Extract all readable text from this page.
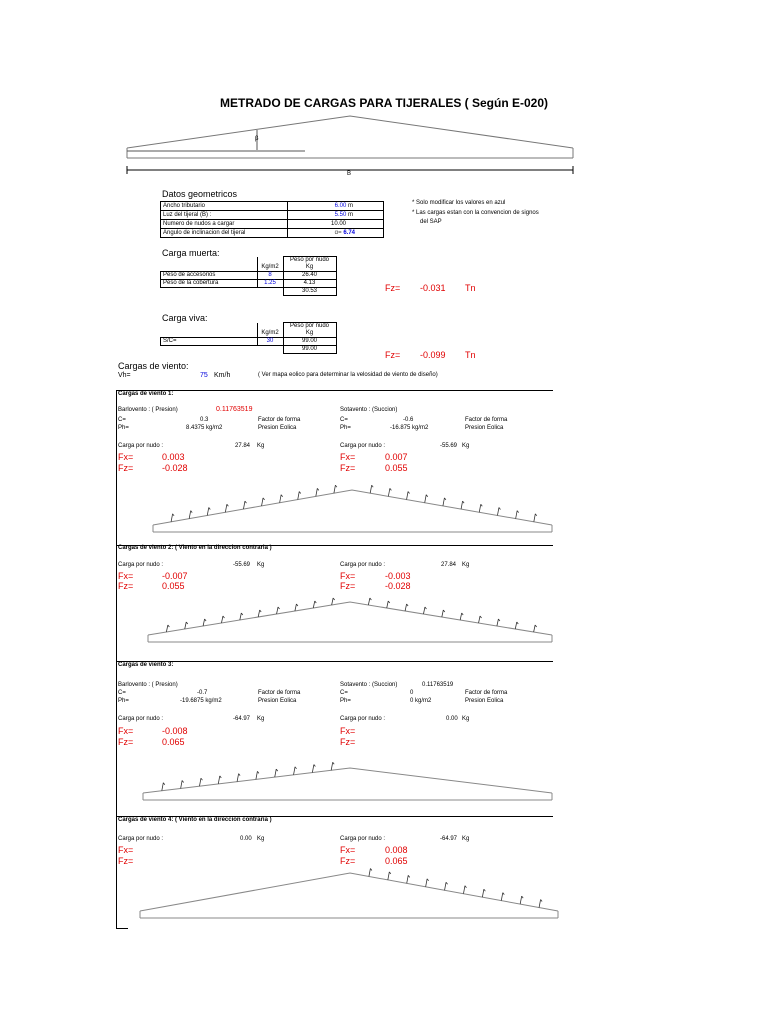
METRADO DE CARGAS PARA TIJERALES ( Según E-020)
β
B
Datos geometricos
Ancho tributario	6.00 m
Luz del tijeral (B) :	5.50 m
Numero de nudos a cargar	10.00
Angulo de inclinacion del tijeral	α= 6.74
* Solo modificar los valores en azul
* Las cargas estan con la convencion de signos
del SAP
Carga muerta:
	Kg/m2	Peso por nudo
Kg
Peso de accesorios	8	26.40
Peso de la cobertura	1.25	4.13
		30.53	Fz= -0.031 Tn
Carga viva:
	Kg/m2	Peso por nudo
Kg
S/C=	30	99.00
		99.00
Fz= -0.099 Tn
Cargas de viento:
Vh=	75 Km/h	( Ver mapa eolico para determinar la velosidad de viento de diseño)
Cargas de viento 1:
Barlovento : ( Presion)	0.11763519	Sotavento : (Succion)
C=	0.3	Factor de forma	C=	-0.6	Factor de forma
Ph=	8.4375 kg/m2	Presion Eolica	Ph=	-16.875 kg/m2	Presion Eolica
Carga por nudo :	27.84 Kg	Carga por nudo :	-55.69 Kg
Fx=	0.003	Fx=	0.007
Fz=	-0.028	Fz=	0.055
Cargas de viento 2: ( Viento en la direccion contraria )
Carga por nudo :	-55.69 Kg	Carga por nudo :	27.84 Kg
Fx=	-0.007	Fx=	-0.003
Fz=	0.055	Fz=	-0.028
Cargas de viento 3:
Barlovento : ( Presion)	Sotavento : (Succion)	0.11763519
C=	-0.7	Factor de forma	C=	0	Factor de forma
Ph=	-19.6875 kg/m2	Presion Eolica	Ph=	0 kg/m2	Presion Eolica
Carga por nudo :	-64.97 Kg	Carga por nudo :	0.00 Kg
Fx=	-0.008	Fx=
Fz=	0.065	Fz=
Cargas de viento 4: ( Viento en la direccion contraria )
Carga por nudo :	0.00 Kg	Carga por nudo :	-64.97 Kg
Fx=	Fx=	0.008
Fz=	Fz=	0.065
